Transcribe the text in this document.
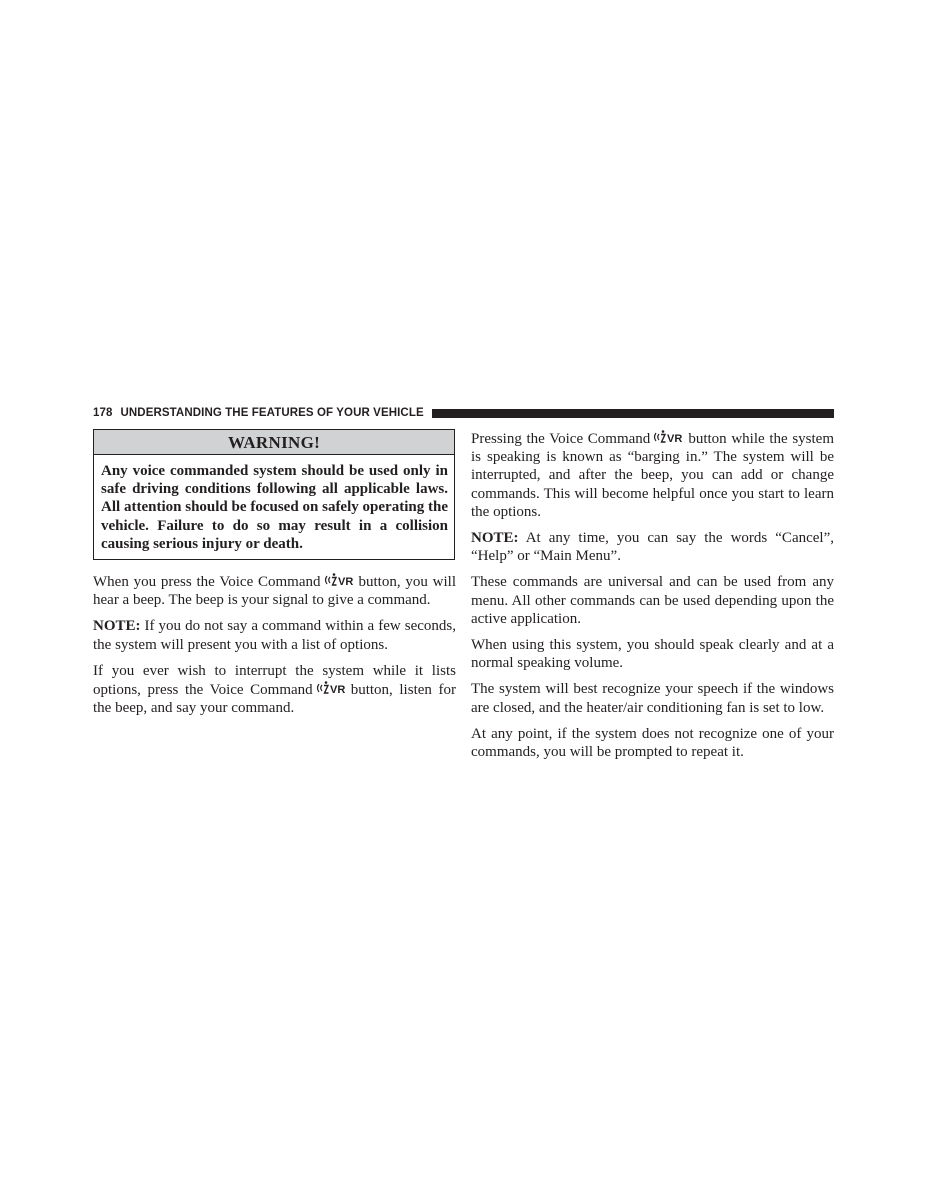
178 UNDERSTANDING THE FEATURES OF YOUR VEHICLE
WARNING!
Any voice commanded system should be used only in safe driving conditions following all applicable laws. All attention should be focused on safely operating the vehicle. Failure to do so may result in a collision causing serious injury or death.

When you press the Voice Command VR button, you will hear a beep. The beep is your signal to give a command.

NOTE: If you do not say a command within a few seconds, the system will present you with a list of options.

If you ever wish to interrupt the system while it lists options, press the Voice Command VR button, listen for the beep, and say your command.

Pressing the Voice Command VR button while the system is speaking is known as “barging in.” The system will be interrupted, and after the beep, you can add or change commands. This will become helpful once you start to learn the options.

NOTE: At any time, you can say the words “Cancel”, “Help” or “Main Menu”.

These commands are universal and can be used from any menu. All other commands can be used depending upon the active application.

When using this system, you should speak clearly and at a normal speaking volume.

The system will best recognize your speech if the windows are closed, and the heater/air conditioning fan is set to low.

At any point, if the system does not recognize one of your commands, you will be prompted to repeat it.
